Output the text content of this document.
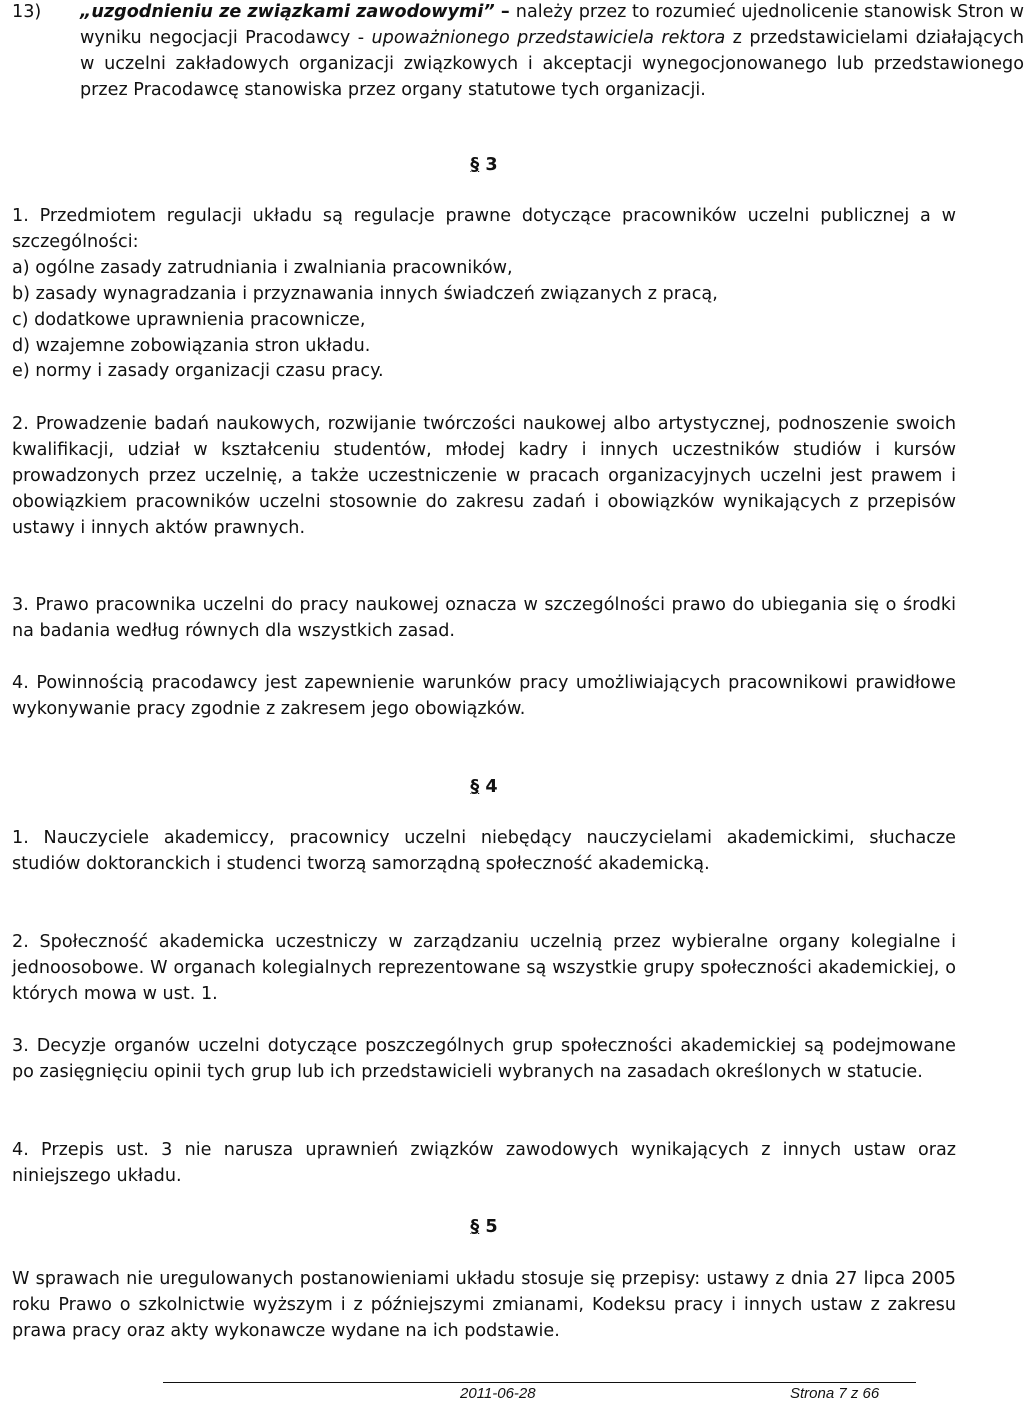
13) „uzgodnieniu ze związkami zawodowymi” – należy przez to rozumieć ujednolicenie stanowisk Stron w wyniku negocjacji Pracodawcy - upoważnionego przedstawiciela rektora z przedstawicielami działających w uczelni zakładowych organizacji związkowych i akceptacji wynegocjonowanego lub przedstawionego przez Pracodawcę stanowiska przez organy statutowe tych organizacji.
§ 3
1. Przedmiotem regulacji układu są regulacje prawne dotyczące pracowników uczelni publicznej a w szczególności:
a) ogólne zasady zatrudniania i zwalniania pracowników,
b) zasady wynagradzania i przyznawania innych świadczeń związanych z pracą,
c) dodatkowe uprawnienia pracownicze,
d) wzajemne zobowiązania stron układu.
e) normy i zasady organizacji czasu pracy.
2. Prowadzenie badań naukowych, rozwijanie twórczości naukowej albo artystycznej, podnoszenie swoich kwalifikacji, udział w kształceniu studentów, młodej kadry i innych uczestników studiów i kursów prowadzonych przez uczelnię, a także uczestniczenie w pracach organizacyjnych uczelni jest prawem i obowiązkiem pracowników uczelni stosownie do zakresu zadań i obowiązków wynikających z przepisów ustawy i innych aktów prawnych.
3. Prawo pracownika uczelni do pracy naukowej oznacza w szczególności prawo do ubiegania się o środki na badania według równych dla wszystkich zasad.
4. Powinnością pracodawcy jest zapewnienie warunków pracy umożliwiających pracownikowi prawidłowe wykonywanie pracy zgodnie z zakresem jego obowiązków.
§ 4
1. Nauczyciele akademiccy, pracownicy uczelni niebędący nauczycielami akademickimi, słuchacze studiów doktoranckich i studenci tworzą samorządną społeczność akademicką.
2. Społeczność akademicka uczestniczy w zarządzaniu uczelnią przez wybieralne organy kolegialne i jednoosobowe. W organach kolegialnych reprezentowane są wszystkie grupy społeczności akademickiej, o których mowa w ust. 1.
3. Decyzje organów uczelni dotyczące poszczególnych grup społeczności akademickiej są podejmowane po zasięgnięciu opinii tych grup lub ich przedstawicieli wybranych na zasadach określonych w statucie.
4. Przepis ust. 3 nie narusza uprawnień związków zawodowych wynikających z innych ustaw oraz niniejszego układu.
§ 5
W sprawach nie uregulowanych postanowieniami układu stosuje się przepisy: ustawy z dnia 27 lipca 2005 roku Prawo o szkolnictwie wyższym i z późniejszymi zmianami, Kodeksu pracy i innych ustaw z zakresu prawa pracy oraz akty wykonawcze wydane na ich podstawie.
2011-06-28	Strona 7 z 66
